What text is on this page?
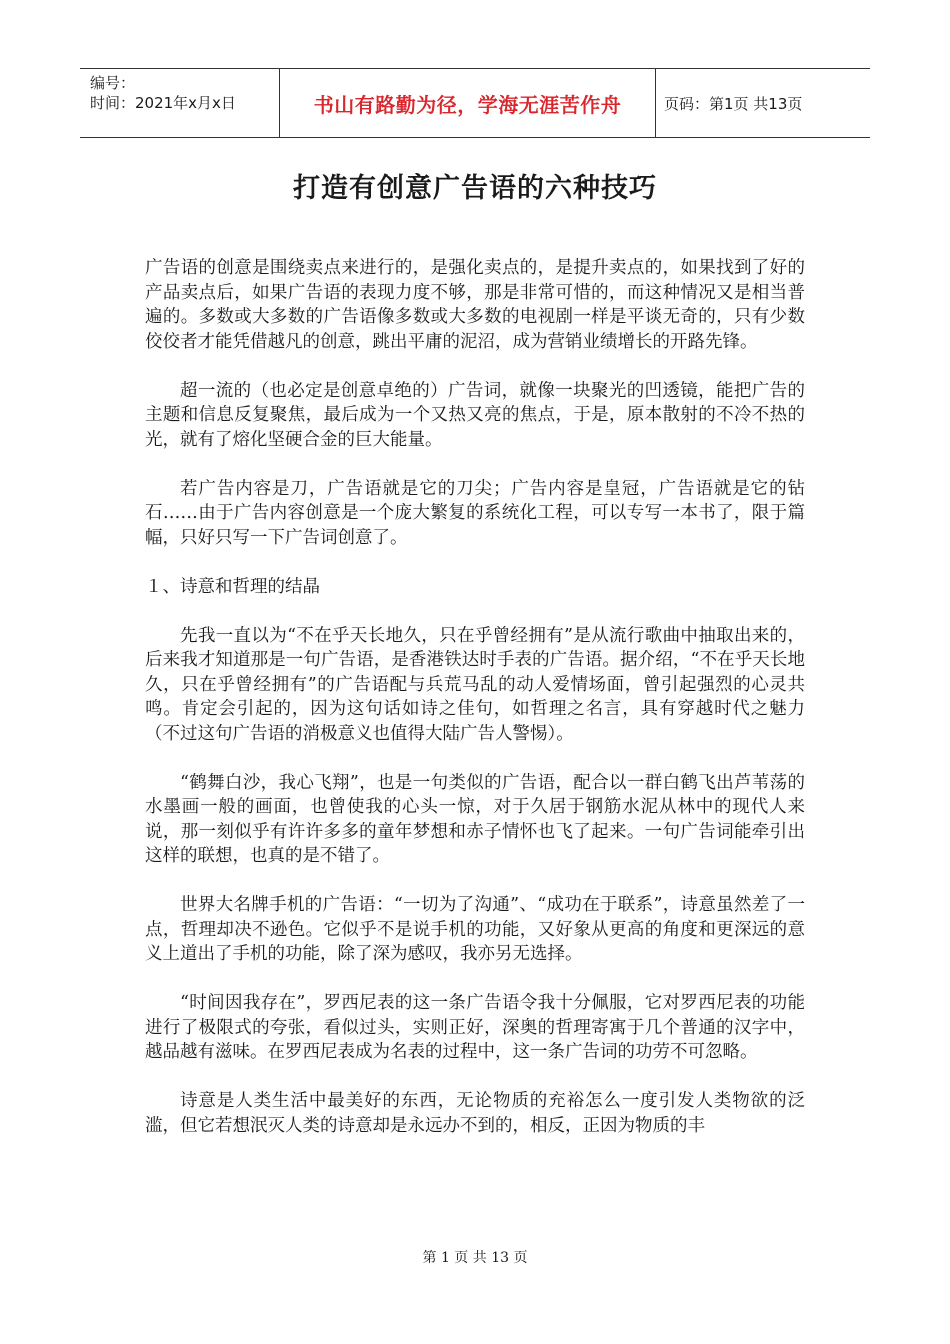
编号：
时间：2021年x月x日	书山有路勤为径，学海无涯苦作舟	页码：第1页 共13页
打造有创意广告语的六种技巧

广告语的创意是围绕卖点来进行的，是强化卖点的，是提升卖点的，如果找到了好的产品卖点后，如果广告语的表现力度不够，那是非常可惜的，而这种情况又是相当普遍的。多数或大多数的广告语像多数或大多数的电视剧一样是平谈无奇的，只有少数佼佼者才能凭借越凡的创意，跳出平庸的泥沼，成为营销业绩增长的开路先锋。

超一流的（也必定是创意卓绝的）广告词，就像一块聚光的凹透镜，能把广告的主题和信息反复聚焦，最后成为一个又热又亮的焦点，于是，原本散射的不冷不热的光，就有了熔化坚硬合金的巨大能量。

若广告内容是刀，广告语就是它的刀尖；广告内容是皇冠，广告语就是它的钻石……由于广告内容创意是一个庞大繁复的系统化工程，可以专写一本书了，限于篇幅，只好只写一下广告词创意了。

１、诗意和哲理的结晶

先我一直以为“不在乎天长地久，只在乎曾经拥有”是从流行歌曲中抽取出来的，后来我才知道那是一句广告语，是香港铁达时手表的广告语。据介绍，“不在乎天长地久，只在乎曾经拥有”的广告语配与兵荒马乱的动人爱情场面，曾引起强烈的心灵共鸣。肯定会引起的，因为这句话如诗之佳句，如哲理之名言，具有穿越时代之魅力（不过这句广告语的消极意义也值得大陆广告人警惕）。

“鹤舞白沙，我心飞翔”，也是一句类似的广告语，配合以一群白鹤飞出芦苇荡的水墨画一般的画面，也曾使我的心头一惊，对于久居于钢筋水泥从林中的现代人来说，那一刻似乎有许许多多的童年梦想和赤子情怀也飞了起来。一句广告词能牵引出这样的联想，也真的是不错了。

世界大名牌手机的广告语：“一切为了沟通”、“成功在于联系”，诗意虽然差了一点，哲理却决不逊色。它似乎不是说手机的功能，又好象从更高的角度和更深远的意义上道出了手机的功能，除了深为感叹，我亦另无选择。

“时间因我存在”，罗西尼表的这一条广告语令我十分佩服，它对罗西尼表的功能进行了极限式的夸张，看似过头，实则正好，深奥的哲理寄寓于几个普通的汉字中，越品越有滋味。在罗西尼表成为名表的过程中，这一条广告词的功劳不可忽略。

诗意是人类生活中最美好的东西，无论物质的充裕怎么一度引发人类物欲的泛滥，但它若想泯灭人类的诗意却是永远办不到的，相反，正因为物质的丰

第 1 页 共 13 页
